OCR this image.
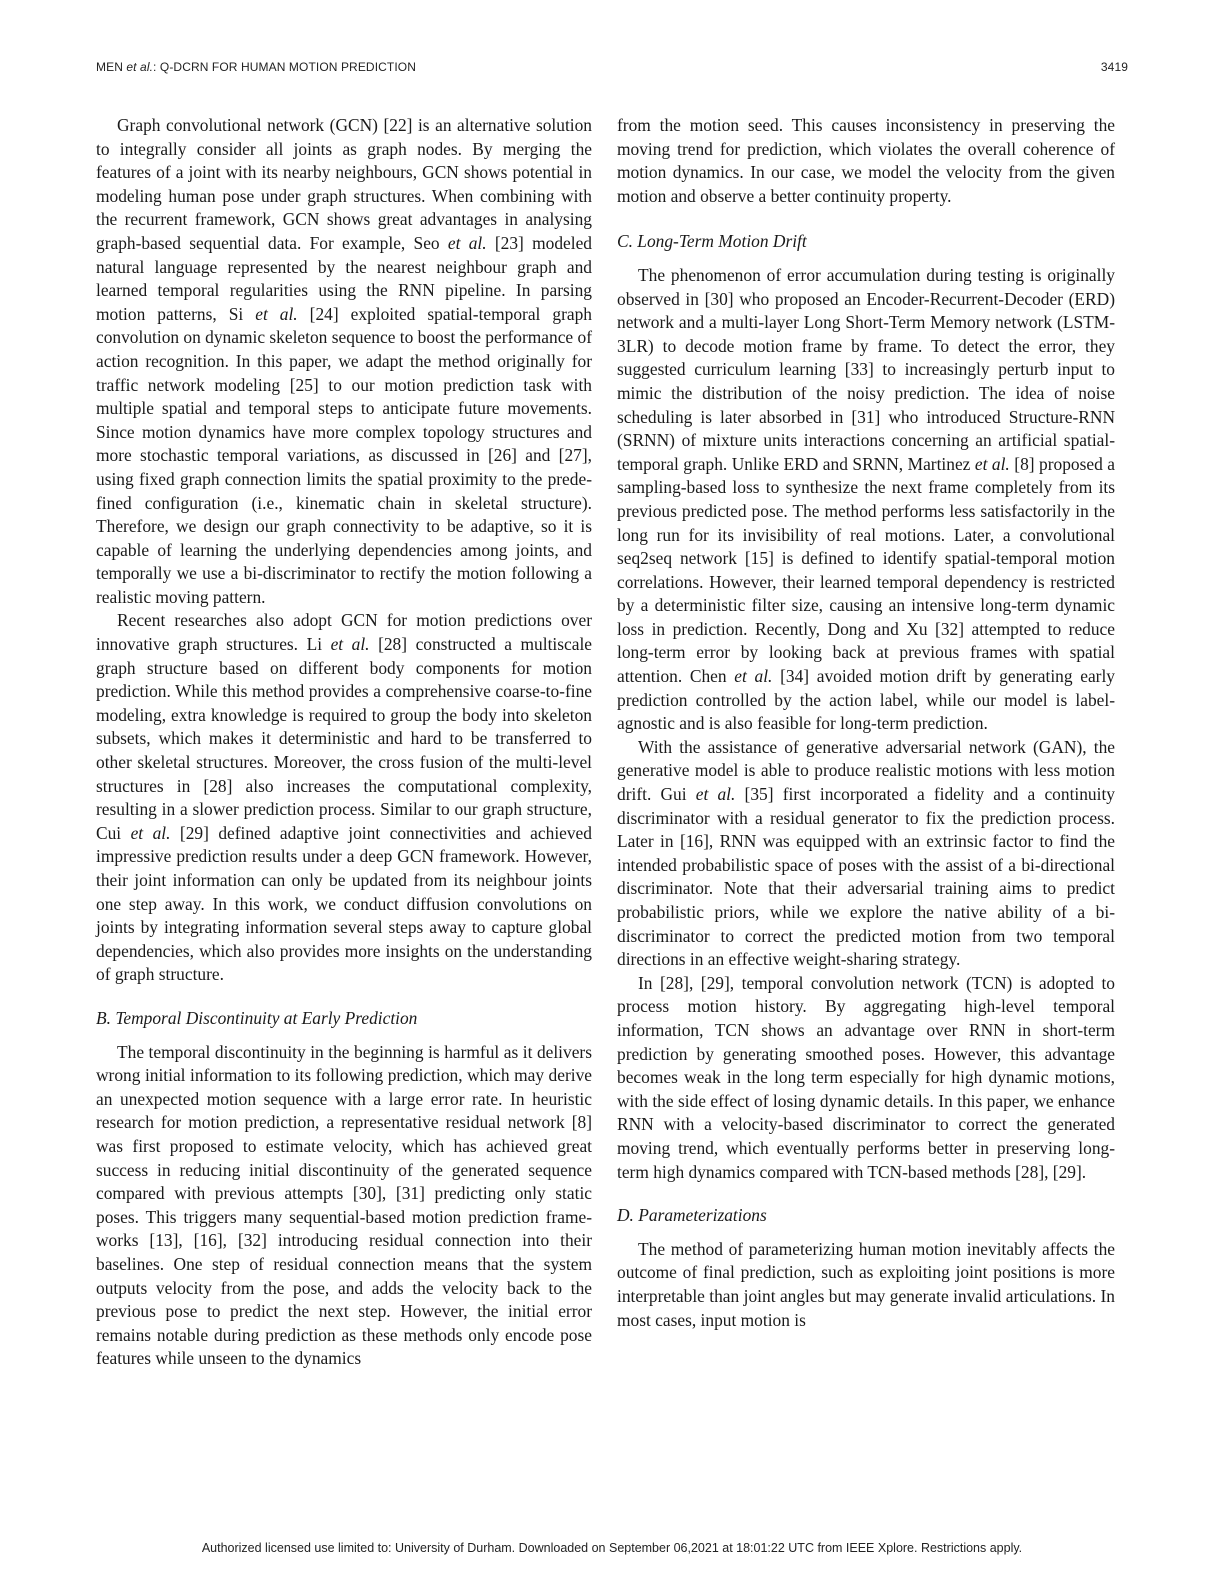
MEN et al.: Q-DCRN FOR HUMAN MOTION PREDICTION	3419

Graph convolutional network (GCN) [22] is an alternative solution to integrally consider all joints as graph nodes. By merging the features of a joint with its nearby neighbours, GCN shows potential in modeling human pose under graph structures. When combining with the recurrent framework, GCN shows great advantages in analysing graph-based sequential data. For example, Seo et al. [23] modeled natural language represented by the nearest neighbour graph and learned temporal regularities using the RNN pipeline. In parsing motion patterns, Si et al. [24] exploited spatial-temporal graph convolution on dynamic skeleton sequence to boost the performance of action recognition. In this paper, we adapt the method originally for traffic network modeling [25] to our motion prediction task with multiple spatial and temporal steps to anticipate future movements. Since motion dynamics have more complex topology structures and more stochastic temporal variations, as discussed in [26] and [27], using fixed graph connection limits the spatial proximity to the predefined configuration (i.e., kinematic chain in skeletal structure). Therefore, we design our graph connectivity to be adaptive, so it is capable of learning the underlying dependencies among joints, and temporally we use a bi-discriminator to rectify the motion following a realistic moving pattern.

Recent researches also adopt GCN for motion predictions over innovative graph structures. Li et al. [28] constructed a multiscale graph structure based on different body components for motion prediction. While this method provides a comprehensive coarse-to-fine modeling, extra knowledge is required to group the body into skeleton subsets, which makes it deterministic and hard to be transferred to other skeletal structures. Moreover, the cross fusion of the multi-level structures in [28] also increases the computational complexity, resulting in a slower prediction process. Similar to our graph structure, Cui et al. [29] defined adaptive joint connectivities and achieved impressive prediction results under a deep GCN framework. However, their joint information can only be updated from its neighbour joints one step away. In this work, we conduct diffusion convolutions on joints by integrating information several steps away to capture global dependencies, which also provides more insights on the understanding of graph structure.

B. Temporal Discontinuity at Early Prediction

The temporal discontinuity in the beginning is harmful as it delivers wrong initial information to its following prediction, which may derive an unexpected motion sequence with a large error rate. In heuristic research for motion prediction, a representative residual network [8] was first proposed to estimate velocity, which has achieved great success in reducing initial discontinuity of the generated sequence compared with previous attempts [30], [31] predicting only static poses. This triggers many sequential-based motion prediction frameworks [13], [16], [32] introducing residual connection into their baselines. One step of residual connection means that the system outputs velocity from the pose, and adds the velocity back to the previous pose to predict the next step. However, the initial error remains notable during prediction as these methods only encode pose features while unseen to the dynamics

from the motion seed. This causes inconsistency in preserving the moving trend for prediction, which violates the overall coherence of motion dynamics. In our case, we model the velocity from the given motion and observe a better continuity property.

C. Long-Term Motion Drift

The phenomenon of error accumulation during testing is originally observed in [30] who proposed an Encoder-Recurrent-Decoder (ERD) network and a multi-layer Long Short-Term Memory network (LSTM-3LR) to decode motion frame by frame. To detect the error, they suggested curriculum learning [33] to increasingly perturb input to mimic the distribution of the noisy prediction. The idea of noise scheduling is later absorbed in [31] who introduced Structure-RNN (SRNN) of mixture units interactions concerning an artificial spatial-temporal graph. Unlike ERD and SRNN, Martinez et al. [8] proposed a sampling-based loss to synthesize the next frame completely from its previous predicted pose. The method performs less satisfactorily in the long run for its invisibility of real motions. Later, a convolutional seq2seq network [15] is defined to identify spatial-temporal motion correlations. However, their learned temporal dependency is restricted by a deterministic filter size, causing an intensive long-term dynamic loss in prediction. Recently, Dong and Xu [32] attempted to reduce long-term error by looking back at previous frames with spatial attention. Chen et al. [34] avoided motion drift by generating early prediction controlled by the action label, while our model is label-agnostic and is also feasible for long-term prediction.

With the assistance of generative adversarial network (GAN), the generative model is able to produce realistic motions with less motion drift. Gui et al. [35] first incorporated a fidelity and a continuity discriminator with a residual generator to fix the prediction process. Later in [16], RNN was equipped with an extrinsic factor to find the intended probabilistic space of poses with the assist of a bi-directional discriminator. Note that their adversarial training aims to predict probabilistic priors, while we explore the native ability of a bi-discriminator to correct the predicted motion from two temporal directions in an effective weight-sharing strategy.

In [28], [29], temporal convolution network (TCN) is adopted to process motion history. By aggregating high-level temporal information, TCN shows an advantage over RNN in short-term prediction by generating smoothed poses. However, this advantage becomes weak in the long term especially for high dynamic motions, with the side effect of losing dynamic details. In this paper, we enhance RNN with a velocity-based discriminator to correct the generated moving trend, which eventually performs better in preserving long-term high dynamics compared with TCN-based methods [28], [29].

D. Parameterizations

The method of parameterizing human motion inevitably affects the outcome of final prediction, such as exploiting joint positions is more interpretable than joint angles but may generate invalid articulations. In most cases, input motion is

Authorized licensed use limited to: University of Durham. Downloaded on September 06,2021 at 18:01:22 UTC from IEEE Xplore. Restrictions apply.
